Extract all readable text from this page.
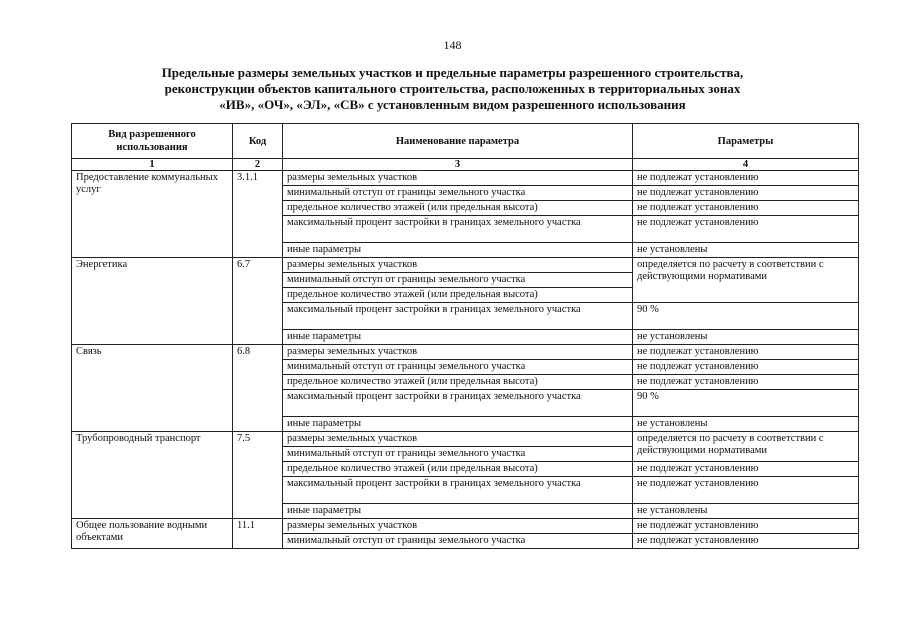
148
Предельные размеры земельных участков и предельные параметры разрешенного строительства,
реконструкции объектов капитального строительства, расположенных в территориальных зонах
«ИВ», «ОЧ», «ЭЛ», «СВ» с установленным видом разрешенного использования
Вид разрешенного использования	Код	Наименование параметра	Параметры
1	2	3	4
Предоставление коммунальных услуг	3.1.1	размеры земельных участков	не подлежат установлению
		минимальный отступ от границы земельного участка	не подлежат установлению
		предельное количество этажей (или предельная высота)	не подлежат установлению
		максимальный процент застройки в границах земельного участка	не подлежат установлению
		иные параметры	не установлены
Энергетика	6.7	размеры земельных участков	определяется по расчету в соответствии с действующими нормативами
		минимальный отступ от границы земельного участка	
		предельное количество этажей (или предельная высота)	
		максимальный процент застройки в границах земельного участка	90 %
		иные параметры	не установлены
Связь	6.8	размеры земельных участков	не подлежат установлению
		минимальный отступ от границы земельного участка	не подлежат установлению
		предельное количество этажей (или предельная высота)	не подлежат установлению
		максимальный процент застройки в границах земельного участка	90 %
		иные параметры	не установлены
Трубопроводный транспорт	7.5	размеры земельных участков	определяется по расчету в соответствии с действующими нормативами
		минимальный отступ от границы земельного участка	
		предельное количество этажей (или предельная высота)	не подлежат установлению
		максимальный процент застройки в границах земельного участка	не подлежат установлению
		иные параметры	не установлены
Общее пользование водными объектами	11.1	размеры земельных участков	не подлежат установлению
		минимальный отступ от границы земельного участка	не подлежат установлению
